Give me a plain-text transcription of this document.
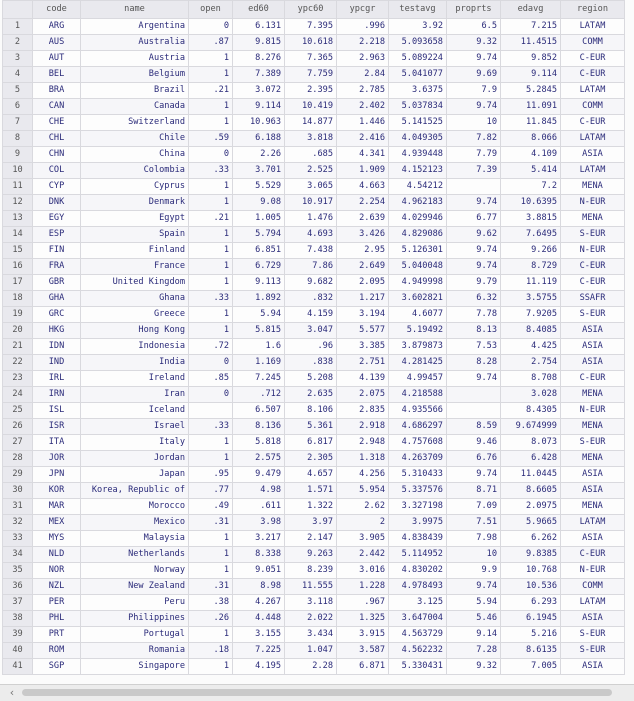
	code	name	open	ed60	ypc60	ypcgr	testavg	proprts	edavg	region
1	ARG	Argentina	0	6.131	7.395	.996	3.92	6.5	7.215	LATAM
2	AUS	Australia	.87	9.815	10.618	2.218	5.093658	9.32	11.4515	COMM
3	AUT	Austria	1	8.276	7.365	2.963	5.089224	9.74	9.852	C-EUR
4	BEL	Belgium	1	7.389	7.759	2.84	5.041077	9.69	9.114	C-EUR
5	BRA	Brazil	.21	3.072	2.395	2.785	3.6375	7.9	5.2845	LATAM
6	CAN	Canada	1	9.114	10.419	2.402	5.037834	9.74	11.091	COMM
7	CHE	Switzerland	1	10.963	14.877	1.446	5.141525	10	11.845	C-EUR
8	CHL	Chile	.59	6.188	3.818	2.416	4.049305	7.82	8.066	LATAM
9	CHN	China	0	2.26	.685	4.341	4.939448	7.79	4.109	ASIA
10	COL	Colombia	.33	3.701	2.525	1.909	4.152123	7.39	5.414	LATAM
11	CYP	Cyprus	1	5.529	3.065	4.663	4.54212		7.2	MENA
12	DNK	Denmark	1	9.08	10.917	2.254	4.962183	9.74	10.6395	N-EUR
13	EGY	Egypt	.21	1.005	1.476	2.639	4.029946	6.77	3.8815	MENA
14	ESP	Spain	1	5.794	4.693	3.426	4.829086	9.62	7.6495	S-EUR
15	FIN	Finland	1	6.851	7.438	2.95	5.126301	9.74	9.266	N-EUR
16	FRA	France	1	6.729	7.86	2.649	5.040048	9.74	8.729	C-EUR
17	GBR	United Kingdom	1	9.113	9.682	2.095	4.949998	9.79	11.119	C-EUR
18	GHA	Ghana	.33	1.892	.832	1.217	3.602821	6.32	3.5755	SSAFR
19	GRC	Greece	1	5.94	4.159	3.194	4.6077	7.78	7.9205	S-EUR
20	HKG	Hong Kong	1	5.815	3.047	5.577	5.19492	8.13	8.4085	ASIA
21	IDN	Indonesia	.72	1.6	.96	3.385	3.879873	7.53	4.425	ASIA
22	IND	India	0	1.169	.838	2.751	4.281425	8.28	2.754	ASIA
23	IRL	Ireland	.85	7.245	5.208	4.139	4.99457	9.74	8.708	C-EUR
24	IRN	Iran	0	.712	2.635	2.075	4.218588		3.028	MENA
25	ISL	Iceland		6.507	8.106	2.835	4.935566		8.4305	N-EUR
26	ISR	Israel	.33	8.136	5.361	2.918	4.686297	8.59	9.674999	MENA
27	ITA	Italy	1	5.818	6.817	2.948	4.757608	9.46	8.073	S-EUR
28	JOR	Jordan	1	2.575	2.305	1.318	4.263709	6.76	6.428	MENA
29	JPN	Japan	.95	9.479	4.657	4.256	5.310433	9.74	11.0445	ASIA
30	KOR	Korea, Republic of	.77	4.98	1.571	5.954	5.337576	8.71	8.6605	ASIA
31	MAR	Morocco	.49	.611	1.322	2.62	3.327198	7.09	2.0975	MENA
32	MEX	Mexico	.31	3.98	3.97	2	3.9975	7.51	5.9665	LATAM
33	MYS	Malaysia	1	3.217	2.147	3.905	4.838439	7.98	6.262	ASIA
34	NLD	Netherlands	1	8.338	9.263	2.442	5.114952	10	9.8385	C-EUR
35	NOR	Norway	1	9.051	8.239	3.016	4.830202	9.9	10.768	N-EUR
36	NZL	New Zealand	.31	8.98	11.555	1.228	4.978493	9.74	10.536	COMM
37	PER	Peru	.38	4.267	3.118	.967	3.125	5.94	6.293	LATAM
38	PHL	Philippines	.26	4.448	2.022	1.325	3.647004	5.46	6.1945	ASIA
39	PRT	Portugal	1	3.155	3.434	3.915	4.563729	9.14	5.216	S-EUR
40	ROM	Romania	.18	7.225	1.047	3.587	4.562232	7.28	8.6135	S-EUR
41	SGP	Singapore	1	4.195	2.28	6.871	5.330431	9.32	7.005	ASIA
‹
